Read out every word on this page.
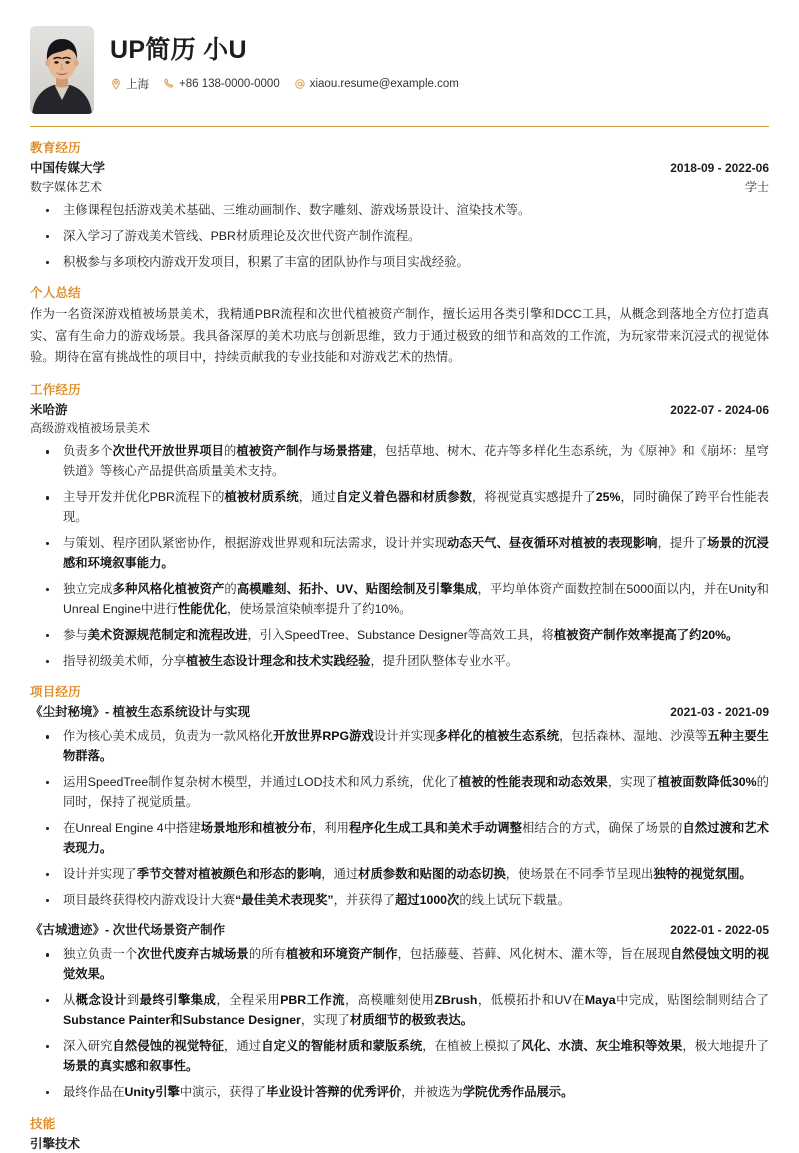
UP简历 小U
上海	+86 138-0000-0000	xiaou.resume@example.com
教育经历
中国传媒大学	2018-09 - 2022-06
数字媒体艺术	学士
主修课程包括游戏美术基础、三维动画制作、数字雕刻、游戏场景设计、渲染技术等。
深入学习了游戏美术管线、PBR材质理论及次世代资产制作流程。
积极参与多项校内游戏开发项目，积累了丰富的团队协作与项目实战经验。
个人总结
作为一名资深游戏植被场景美术，我精通PBR流程和次世代植被资产制作，擅长运用各类引擎和DCC工具，从概念到落地全方位打造真实、富有生命力的游戏场景。我具备深厚的美术功底与创新思维，致力于通过极致的细节和高效的工作流，为玩家带来沉浸式的视觉体验。期待在富有挑战性的项目中，持续贡献我的专业技能和对游戏艺术的热情。
工作经历
米哈游	2022-07 - 2024-06
高级游戏植被场景美术
负责多个次世代开放世界项目的植被资产制作与场景搭建，包括草地、树木、花卉等多样化生态系统，为《原神》和《崩坏：星穹铁道》等核心产品提供高质量美术支持。
主导开发并优化PBR流程下的植被材质系统，通过自定义着色器和材质参数，将视觉真实感提升了25%，同时确保了跨平台性能表现。
与策划、程序团队紧密协作，根据游戏世界观和玩法需求，设计并实现动态天气、昼夜循环对植被的表现影响，提升了场景的沉浸感和环境叙事能力。
独立完成多种风格化植被资产的高模雕刻、拓扑、UV、贴图绘制及引擎集成，平均单体资产面数控制在5000面以内，并在Unity和Unreal Engine中进行性能优化，使场景渲染帧率提升了约10%。
参与美术资源规范制定和流程改进，引入SpeedTree、Substance Designer等高效工具，将植被资产制作效率提高了约20%。
指导初级美术师，分享植被生态设计理念和技术实践经验，提升团队整体专业水平。
项目经历
《尘封秘境》- 植被生态系统设计与实现	2021-03 - 2021-09
作为核心美术成员，负责为一款风格化开放世界RPG游戏设计并实现多样化的植被生态系统，包括森林、湿地、沙漠等五种主要生物群落。
运用SpeedTree制作复杂树木模型，并通过LOD技术和风力系统，优化了植被的性能表现和动态效果，实现了植被面数降低30%的同时，保持了视觉质量。
在Unreal Engine 4中搭建场景地形和植被分布，利用程序化生成工具和美术手动调整相结合的方式，确保了场景的自然过渡和艺术表现力。
设计并实现了季节交替对植被颜色和形态的影响，通过材质参数和贴图的动态切换，使场景在不同季节呈现出独特的视觉氛围。
项目最终获得校内游戏设计大赛“最佳美术表现奖”，并获得了超过1000次的线上试玩下载量。
《古城遗迹》- 次世代场景资产制作	2022-01 - 2022-05
独立负责一个次世代废弃古城场景的所有植被和环境资产制作，包括藤蔓、苔藓、风化树木、灌木等，旨在展现自然侵蚀文明的视觉效果。
从概念设计到最终引擎集成，全程采用PBR工作流，高模雕刻使用ZBrush，低模拓扑和UV在Maya中完成，贴图绘制则结合了Substance Painter和Substance Designer，实现了材质细节的极致表达。
深入研究自然侵蚀的视觉特征，通过自定义的智能材质和蒙版系统，在植被上模拟了风化、水渍、灰尘堆积等效果，极大地提升了场景的真实感和叙事性。
最终作品在Unity引擎中演示，获得了毕业设计答辩的优秀评价，并被选为学院优秀作品展示。
技能
引擎技术
